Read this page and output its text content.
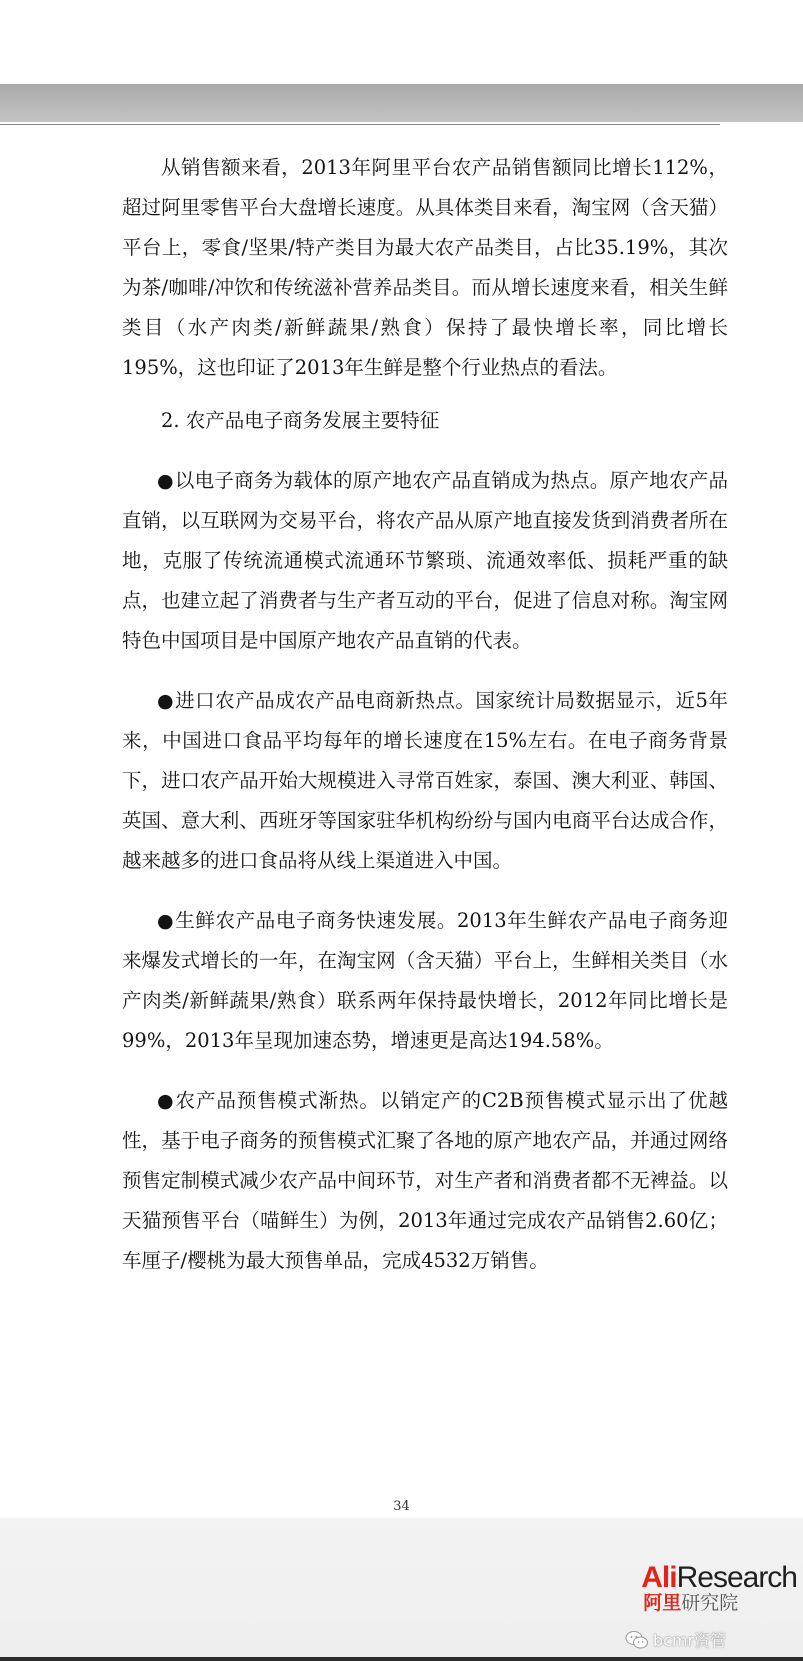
从销售额来看，2013年阿里平台农产品销售额同比增长112%，超过阿里零售平台大盘增长速度。从具体类目来看，淘宝网（含天猫）平台上，零食/坚果/特产类目为最大农产品类目，占比35.19%，其次为茶/咖啡/冲饮和传统滋补营养品类目。而从增长速度来看，相关生鲜类目（水产肉类/新鲜蔬果/熟食）保持了最快增长率，同比增长195%，这也印证了2013年生鲜是整个行业热点的看法。

2. 农产品电子商务发展主要特征

●以电子商务为载体的原产地农产品直销成为热点。原产地农产品直销，以互联网为交易平台，将农产品从原产地直接发货到消费者所在地，克服了传统流通模式流通环节繁琐、流通效率低、损耗严重的缺点，也建立起了消费者与生产者互动的平台，促进了信息对称。淘宝网特色中国项目是中国原产地农产品直销的代表。

●进口农产品成农产品电商新热点。国家统计局数据显示，近5年来，中国进口食品平均每年的增长速度在15%左右。在电子商务背景下，进口农产品开始大规模进入寻常百姓家，泰国、澳大利亚、韩国、英国、意大利、西班牙等国家驻华机构纷纷与国内电商平台达成合作，越来越多的进口食品将从线上渠道进入中国。

●生鲜农产品电子商务快速发展。2013年生鲜农产品电子商务迎来爆发式增长的一年，在淘宝网（含天猫）平台上，生鲜相关类目（水产肉类/新鲜蔬果/熟食）联系两年保持最快增长，2012年同比增长是99%，2013年呈现加速态势，增速更是高达194.58%。

●农产品预售模式渐热。以销定产的C2B预售模式显示出了优越性，基于电子商务的预售模式汇聚了各地的原产地农产品，并通过网络预售定制模式减少农产品中间环节，对生产者和消费者都不无裨益。以天猫预售平台（喵鲜生）为例，2013年通过完成农产品销售2.60亿；车厘子/樱桃为最大预售单品，完成4532万销售。

34
AliResearch
阿里研究院
bcmr资管
